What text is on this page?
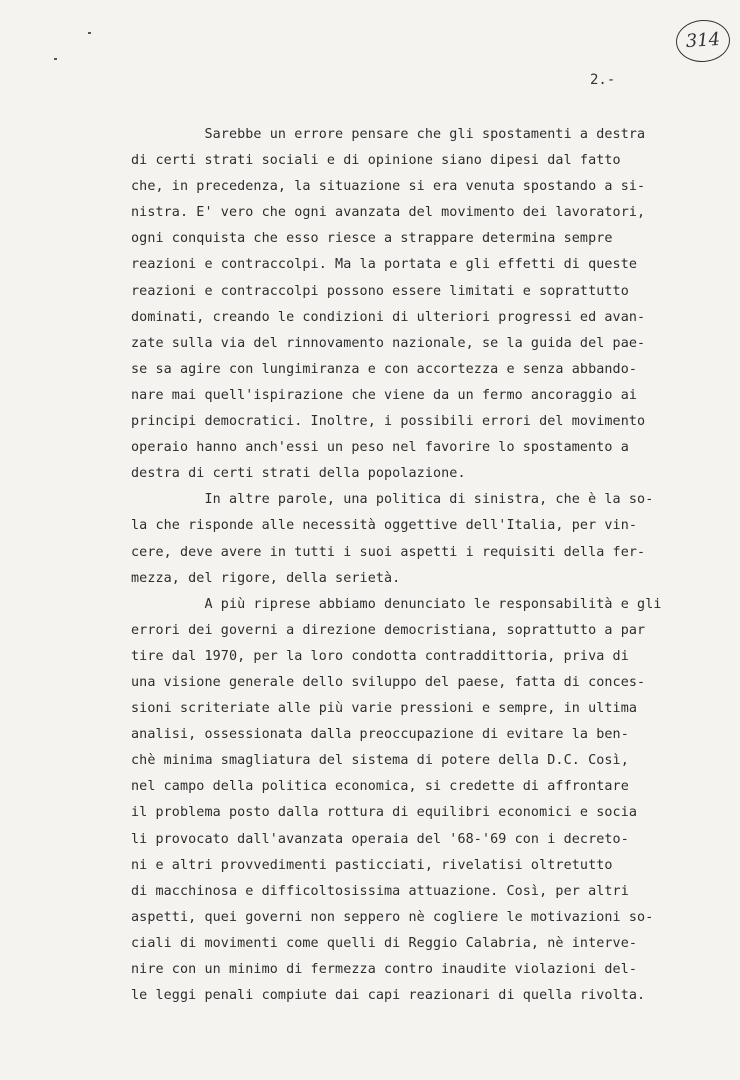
314
2.-
Sarebbe un errore pensare che gli spostamenti a destra
di certi strati sociali e di opinione siano dipesi dal fatto
che, in precedenza, la situazione si era venuta spostando a si-
nistra. E' vero che ogni avanzata del movimento dei lavoratori,
ogni conquista che esso riesce a strappare determina sempre
reazioni e contraccolpi. Ma la portata e gli effetti di queste
reazioni e contraccolpi possono essere limitati e soprattutto
dominati, creando le condizioni di ulteriori progressi ed avan-
zate sulla via del rinnovamento nazionale, se la guida del pae-
se sa agire con lungimiranza e con accortezza e senza abbando-
nare mai quell'ispirazione che viene da un fermo ancoraggio ai
principi democratici. Inoltre, i possibili errori del movimento
operaio hanno anch'essi un peso nel favorire lo spostamento a
destra di certi strati della popolazione.
In altre parole, una politica di sinistra, che è la so-
la che risponde alle necessità oggettive dell'Italia, per vin-
cere, deve avere in tutti i suoi aspetti i requisiti della fer-
mezza, del rigore, della serietà.
A più riprese abbiamo denunciato le responsabilità e gli
errori dei governi a direzione democristiana, soprattutto a par
tire dal 1970, per la loro condotta contraddittoria, priva di
una visione generale dello sviluppo del paese, fatta di conces-
sioni scriteriate alle più varie pressioni e sempre, in ultima
analisi, ossessionata dalla preoccupazione di evitare la ben-
chè minima smagliatura del sistema di potere della D.C. Così,
nel campo della politica economica, si credette di affrontare
il problema posto dalla rottura di equilibri economici e socia
li provocato dall'avanzata operaia del '68-'69 con i decreto-
ni e altri provvedimenti pasticciati, rivelatisi oltretutto
di macchinosa e difficoltosissima attuazione. Così, per altri
aspetti, quei governi non seppero nè cogliere le motivazioni so-
ciali di movimenti come quelli di Reggio Calabria, nè interve-
nire con un minimo di fermezza contro inaudite violazioni del-
le leggi penali compiute dai capi reazionari di quella rivolta.
